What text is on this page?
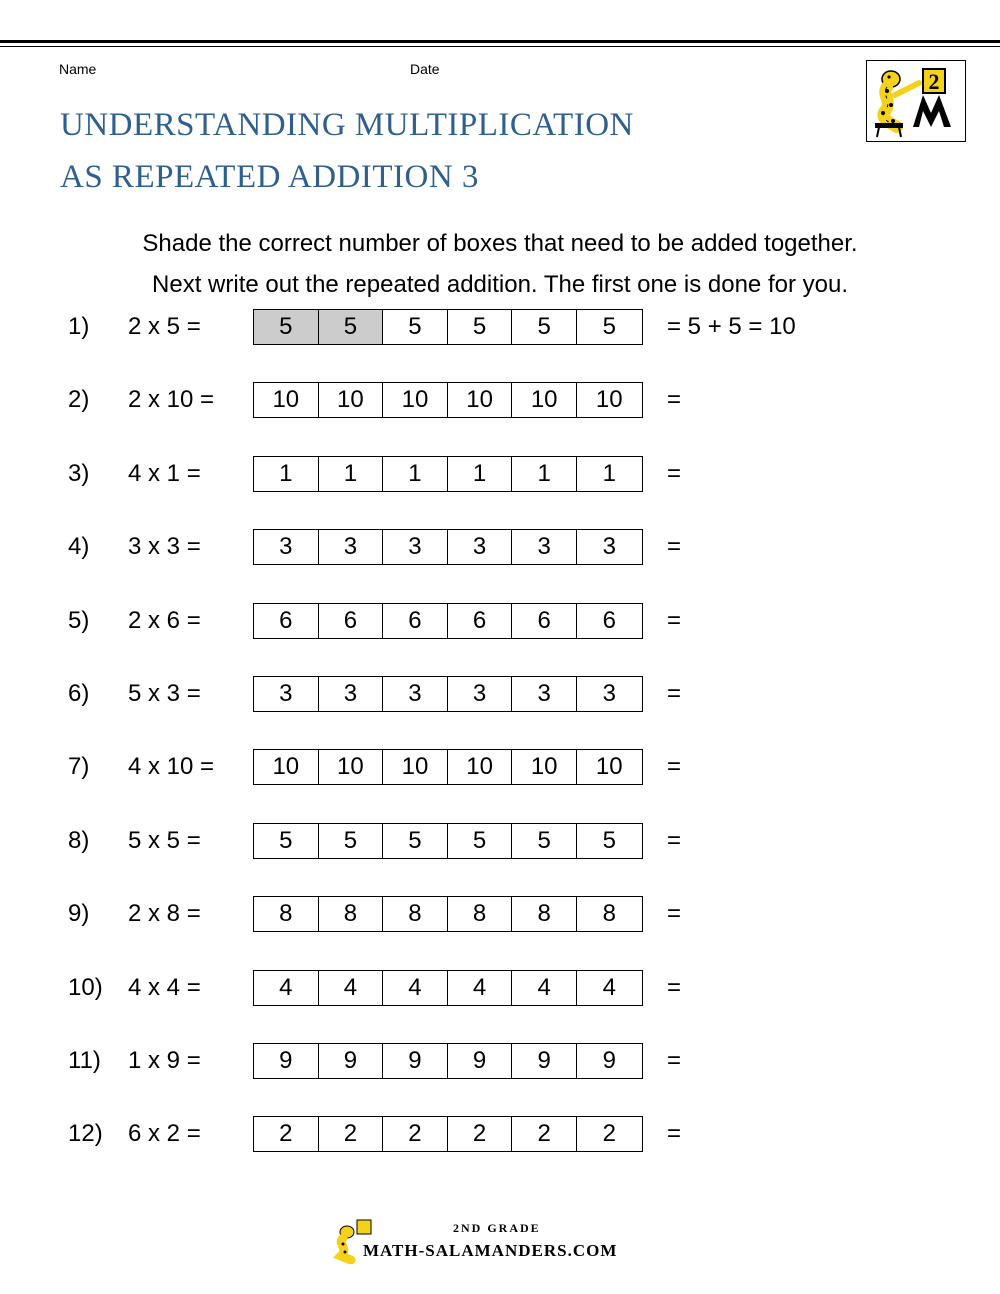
Name	Date
UNDERSTANDING MULTIPLICATION
AS REPEATED ADDITION 3
2
Shade the correct number of boxes that need to be added together.
Next write out the repeated addition. The first one is done for you.
1) 2 x 5 =	5	5	5	5	5	5	= 5 + 5 = 10
2) 2 x 10 =	10	10	10	10	10	10	=
3) 4 x 1 =	1	1	1	1	1	1	=
4) 3 x 3 =	3	3	3	3	3	3	=
5) 2 x 6 =	6	6	6	6	6	6	=
6) 5 x 3 =	3	3	3	3	3	3	=
7) 4 x 10 =	10	10	10	10	10	10	=
8) 5 x 5 =	5	5	5	5	5	5	=
9) 2 x 8 =	8	8	8	8	8	8	=
10) 4 x 4 =	4	4	4	4	4	4	=
11) 1 x 9 =	9	9	9	9	9	9	=
12) 6 x 2 =	2	2	2	2	2	2	=
2ND GRADE
MATH-SALAMANDERS.COM
